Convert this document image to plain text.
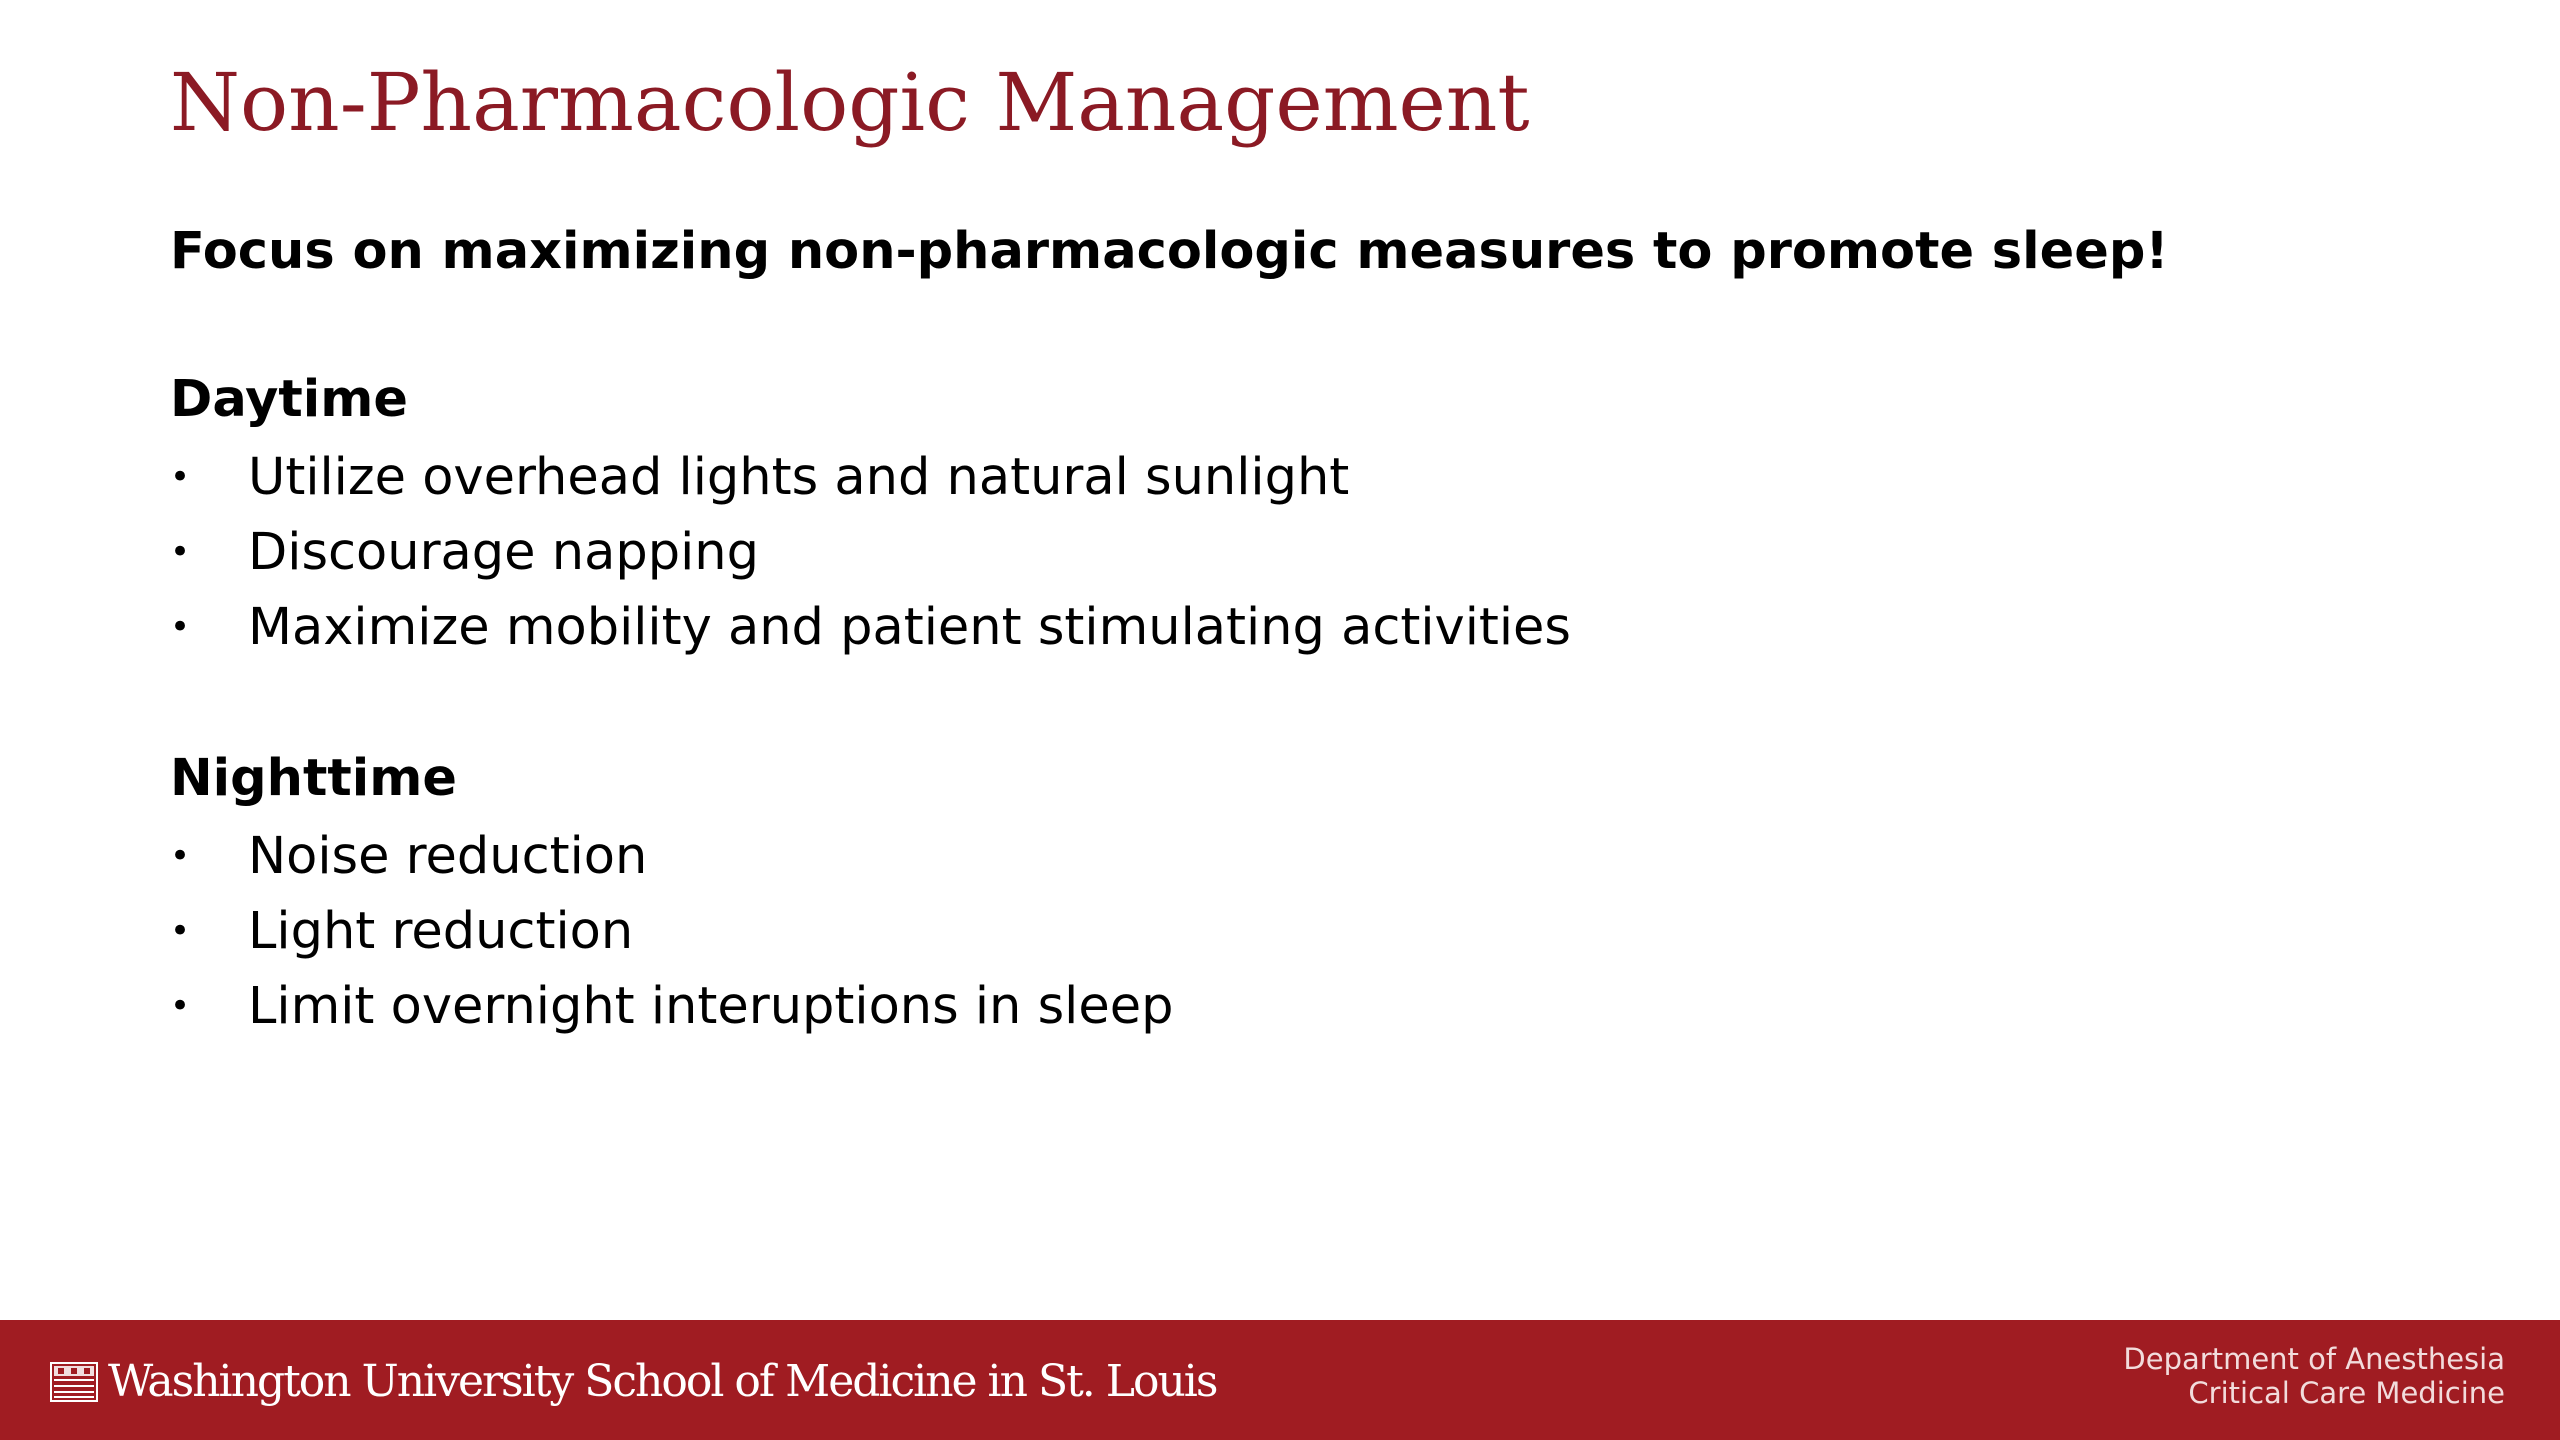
Non-Pharmacologic Management

Focus on maximizing non-pharmacologic measures to promote sleep!

Daytime

• Utilize overhead lights and natural sunlight
• Discourage napping
• Maximize mobility and patient stimulating activities

Nighttime

• Noise reduction
• Light reduction
• Limit overnight interuptions in sleep
Washington University School of Medicine in St. Louis	Department of Anesthesia
Critical Care Medicine
